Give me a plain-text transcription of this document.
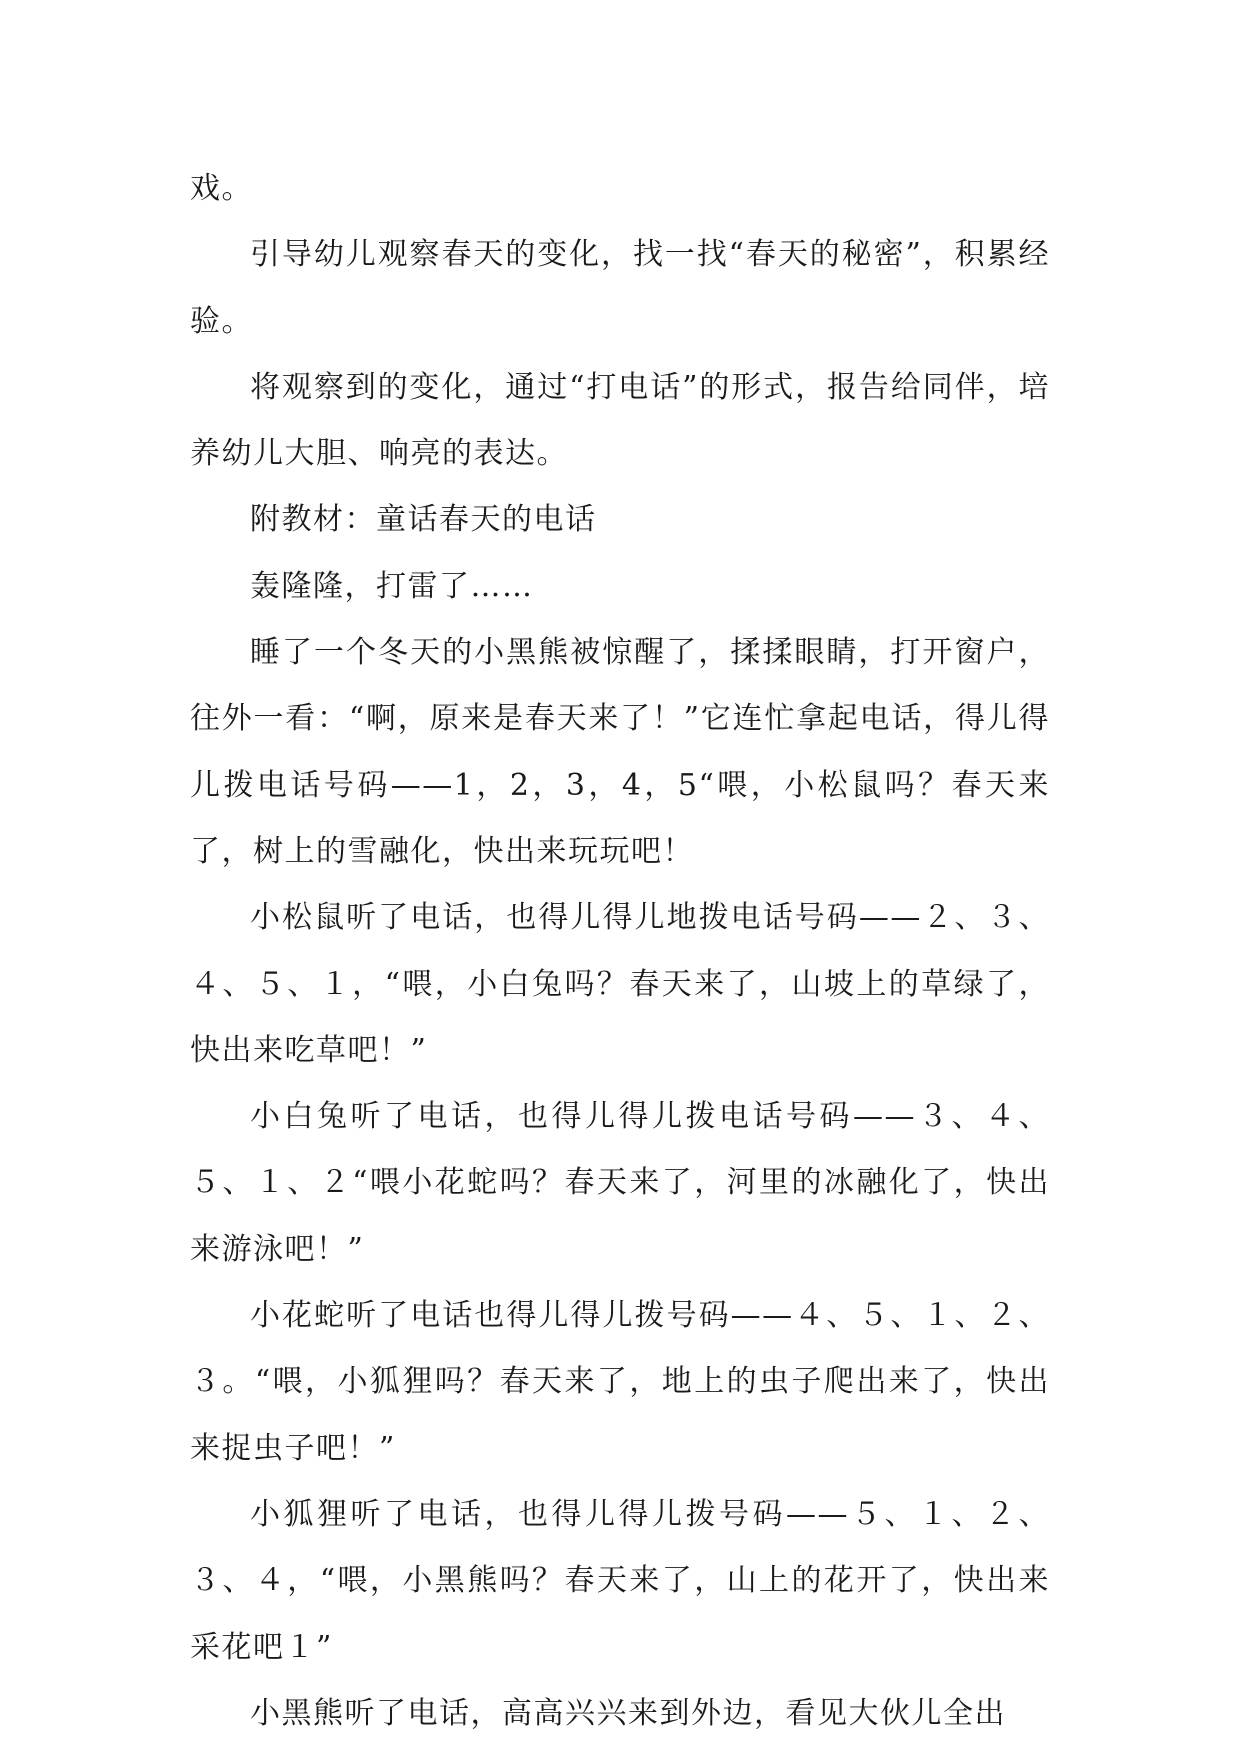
戏。

引导幼儿观察春天的变化，找一找“春天的秘密”，积累经验。

将观察到的变化，通过“打电话”的形式，报告给同伴，培养幼儿大胆、响亮的表达。

附教材：童话春天的电话

轰隆隆，打雷了……

睡了一个冬天的小黑熊被惊醒了，揉揉眼睛，打开窗户，往外一看：“啊，原来是春天来了！”它连忙拿起电话，得儿得儿拨电话号码——1，2，3，4，5“喂，小松鼠吗？春天来了，树上的雪融化，快出来玩玩吧！

小松鼠听了电话，也得儿得儿地拨电话号码——２、３、４、５、１，“喂，小白兔吗？春天来了，山坡上的草绿了，快出来吃草吧！”

小白兔听了电话，也得儿得儿拨电话号码——３、４、５、１、２“喂小花蛇吗？春天来了，河里的冰融化了，快出来游泳吧！”

小花蛇听了电话也得儿得儿拨号码——４、５、１、２、３。“喂，小狐狸吗？春天来了，地上的虫子爬出来了，快出来捉虫子吧！”

小狐狸听了电话，也得儿得儿拨号码——５、１、２、３、４，“喂，小黑熊吗？春天来了，山上的花开了，快出来采花吧１”

小黑熊听了电话，高高兴兴来到外边，看见大伙儿全出
